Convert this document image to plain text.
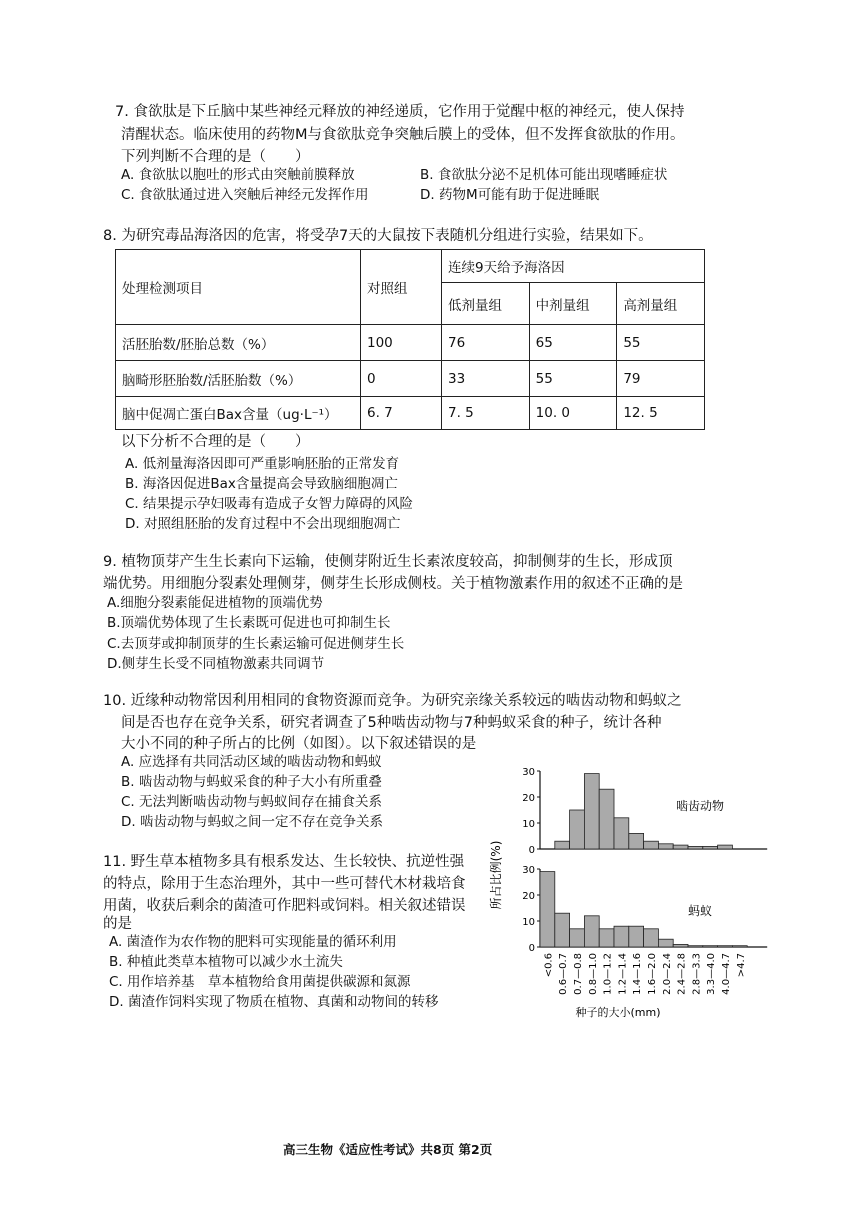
7. 食欲肽是下丘脑中某些神经元释放的神经递质，它作用于觉醒中枢的神经元，使人保持
清醒状态。临床使用的药物M与食欲肽竞争突触后膜上的受体，但不发挥食欲肽的作用。
下列判断不合理的是（　　）
A. 食欲肽以胞吐的形式由突触前膜释放	B. 食欲肽分泌不足机体可能出现嗜睡症状
C. 食欲肽通过进入突触后神经元发挥作用	D. 药物M可能有助于促进睡眠
8. 为研究毒品海洛因的危害，将受孕7天的大鼠按下表随机分组进行实验，结果如下。
处理检测项目	对照组	连续9天给予海洛因		
		低剂量组	中剂量组	高剂量组
活胚胎数/胚胎总数（%）	100	76	65	55
脑畸形胚胎数/活胚胎数（%）	0	33	55	79
脑中促凋亡蛋白Bax含量（ug·L⁻¹）	6. 7	7. 5	10. 0	12. 5
以下分析不合理的是（　　）
A. 低剂量海洛因即可严重影响胚胎的正常发育
B. 海洛因促进Bax含量提高会导致脑细胞凋亡
C. 结果提示孕妇吸毒有造成子女智力障碍的风险
D. 对照组胚胎的发育过程中不会出现细胞凋亡
9. 植物顶芽产生生长素向下运输，使侧芽附近生长素浓度较高，抑制侧芽的生长，形成顶
端优势。用细胞分裂素处理侧芽，侧芽生长形成侧枝。关于植物激素作用的叙述不正确的是
A.细胞分裂素能促进植物的顶端优势
B.顶端优势体现了生长素既可促进也可抑制生长
C.去顶芽或抑制顶芽的生长素运输可促进侧芽生长
D.侧芽生长受不同植物激素共同调节
10. 近缘种动物常因利用相同的食物资源而竞争。为研究亲缘关系较远的啮齿动物和蚂蚁之
间是否也存在竞争关系，研究者调查了5种啮齿动物与7种蚂蚁采食的种子，统计各种
大小不同的种子所占的比例（如图）。以下叙述错误的是
A. 应选择有共同活动区域的啮齿动物和蚂蚁
B. 啮齿动物与蚂蚁采食的种子大小有所重叠
C. 无法判断啮齿动物与蚂蚁间存在捕食关系
D. 啮齿动物与蚂蚁之间一定不存在竞争关系
11. 野生草本植物多具有根系发达、生长较快、抗逆性强
的特点，除用于生态治理外，其中一些可替代木材栽培食
用菌，收获后剩余的菌渣可作肥料或饲料。相关叙述错误
的是
A. 菌渣作为农作物的肥料可实现能量的循环利用
B. 种植此类草本植物可以减少水土流失
C. 用作培养基　草本植物给食用菌提供碳源和氮源
D. 菌渣作饲料实现了物质在植物、真菌和动物间的转移
0
10
20
30
啮齿动物
0
10
20
30
蚂蚁
<0.6 0.6—0.7 0.7—0.8 0.8—1.0 1.0—1.2 1.2—1.4 1.4—1.6 1.6—2.0 2.0—2.4 2.4—2.8 2.8—3.3 3.3—4.0 4.0—4.7 >4.7
所占比例(%)
种子的大小(mm)
高三生物《适应性考试》共8页 第2页
